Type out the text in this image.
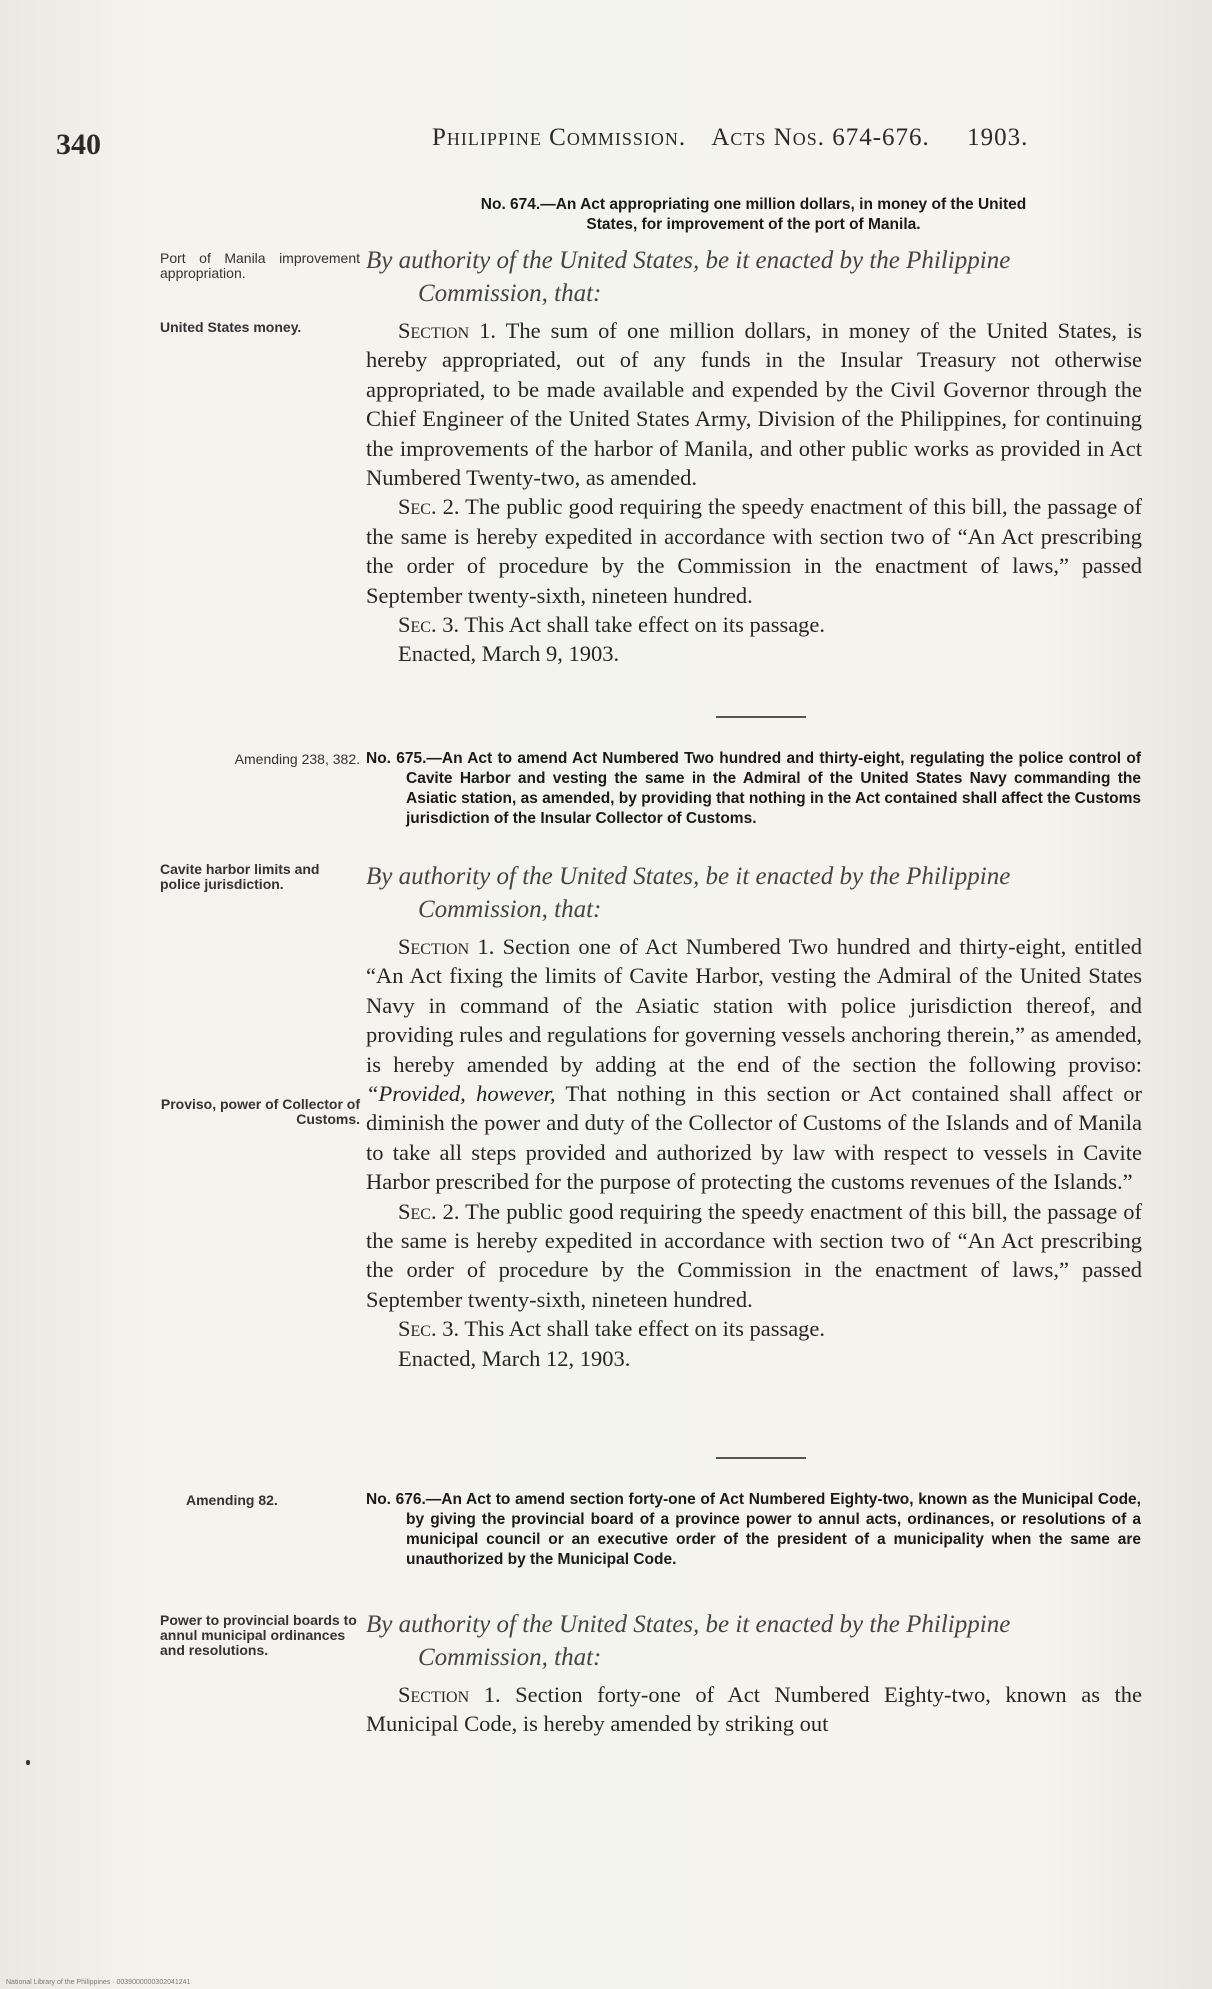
340	Philippine Commission. Acts Nos. 674-676. 1903.
No. 674.—An Act appropriating one million dollars, in money of the United
States, for improvement of the port of Manila.
Port of Manila improvement appropriation.	By authority of the United States, be it enacted by the Philippine
Commission, that:
United States money.	Section 1. The sum of one million dollars, in money of the United States, is hereby appropriated, out of any funds in the Insular Treasury not otherwise appropriated, to be made available and expended by the Civil Governor through the Chief Engineer of the United States Army, Division of the Philippines, for continuing the improvements of the harbor of Manila, and other public works as provided in Act Numbered Twenty-two, as amended.

Sec. 2. The public good requiring the speedy enactment of this bill, the passage of the same is hereby expedited in accordance with section two of “An Act prescribing the order of procedure by the Commission in the enactment of laws,” passed September twenty-sixth, nineteen hundred.

Sec. 3. This Act shall take effect on its passage.

Enacted, March 9, 1903.

Amending 238, 382. No. 675.—An Act to amend Act Numbered Two hundred and thirty-eight, regulating the police control of Cavite Harbor and vesting the same in the Admiral of the United States Navy commanding the Asiatic station, as amended, by providing that nothing in the Act contained shall affect the Customs jurisdiction of the Insular Collector of Customs.
Cavite harbor limits and police jurisdiction.	By authority of the United States, be it enacted by the Philippine
Commission, that:
Proviso, power of Collector of Customs.

Section 1. Section one of Act Numbered Two hundred and thirty-eight, entitled “An Act fixing the limits of Cavite Harbor, vesting the Admiral of the United States Navy in command of the Asiatic station with police jurisdiction thereof, and providing rules and regulations for governing vessels anchoring therein,” as amended, is hereby amended by adding at the end of the section the following proviso: “Provided, however, That nothing in this section or Act contained shall affect or diminish the power and duty of the Collector of Customs of the Islands and of Manila to take all steps provided and authorized by law with respect to vessels in Cavite Harbor prescribed for the purpose of protecting the customs revenues of the Islands.”

Sec. 2. The public good requiring the speedy enactment of this bill, the passage of the same is hereby expedited in accordance with section two of “An Act prescribing the order of procedure by the Commission in the enactment of laws,” passed September twenty-sixth, nineteen hundred.

Sec. 3. This Act shall take effect on its passage.

Enacted, March 12, 1903.

Amending 82.	No. 676.—An Act to amend section forty-one of Act Numbered Eighty-two, known as the Municipal Code, by giving the provincial board of a province power to annul acts, ordinances, or resolutions of a municipal council or an executive order of the president of a municipality when the same are unauthorized by the Municipal Code.
Power to provincial boards to annul municipal ordinances and resolutions.
By authority of the United States, be it enacted by the Philippine
Commission, that:

Section 1. Section forty-one of Act Numbered Eighty-two, known as the Municipal Code, is hereby amended by striking out

National Library of the Philippines · 0039000000302041241
